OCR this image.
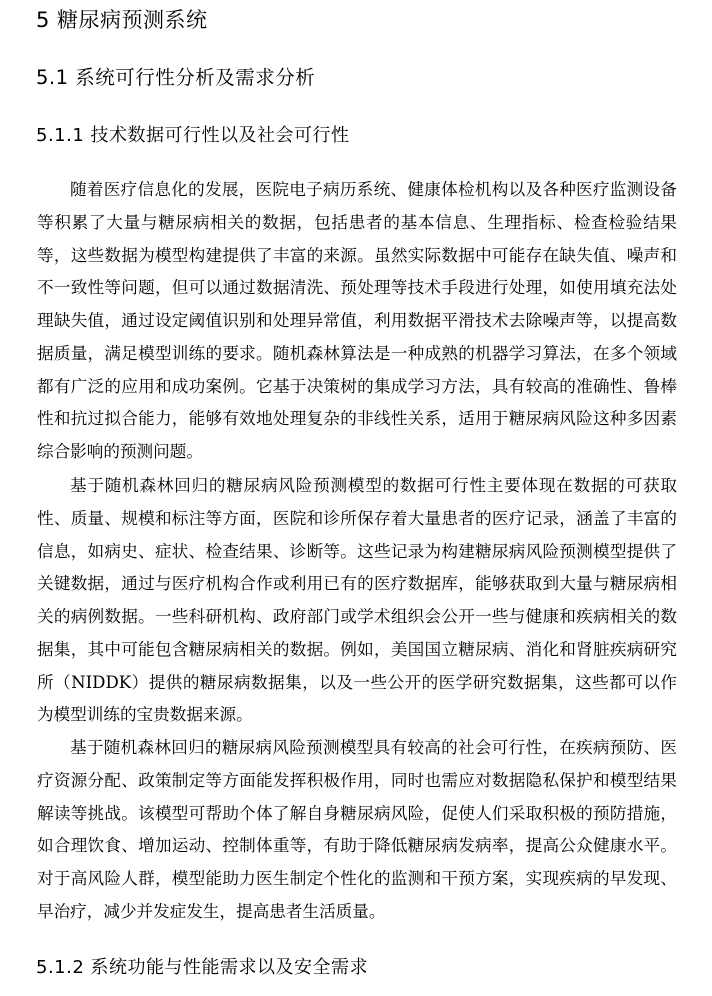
5 糖尿病预测系统
5.1 系统可行性分析及需求分析
5.1.1 技术数据可行性以及社会可行性

随着医疗信息化的发展，医院电子病历系统、健康体检机构以及各种医疗监测设备等积累了大量与糖尿病相关的数据，包括患者的基本信息、生理指标、检查检验结果等，这些数据为模型构建提供了丰富的来源。虽然实际数据中可能存在缺失值、噪声和不一致性等问题，但可以通过数据清洗、预处理等技术手段进行处理，如使用填充法处理缺失值，通过设定阈值识别和处理异常值，利用数据平滑技术去除噪声等，以提高数据质量，满足模型训练的要求。随机森林算法是一种成熟的机器学习算法，在多个领域都有广泛的应用和成功案例。它基于决策树的集成学习方法，具有较高的准确性、鲁棒性和抗过拟合能力，能够有效地处理复杂的非线性关系，适用于糖尿病风险这种多因素综合影响的预测问题。

基于随机森林回归的糖尿病风险预测模型的数据可行性主要体现在数据的可获取性、质量、规模和标注等方面，医院和诊所保存着大量患者的医疗记录，涵盖了丰富的信息，如病史、症状、检查结果、诊断等。这些记录为构建糖尿病风险预测模型提供了关键数据，通过与医疗机构合作或利用已有的医疗数据库，能够获取到大量与糖尿病相关的病例数据。一些科研机构、政府部门或学术组织会公开一些与健康和疾病相关的数据集，其中可能包含糖尿病相关的数据。例如，美国国立糖尿病、消化和肾脏疾病研究所（NIDDK）提供的糖尿病数据集，以及一些公开的医学研究数据集，这些都可以作为模型训练的宝贵数据来源。

基于随机森林回归的糖尿病风险预测模型具有较高的社会可行性，在疾病预防、医疗资源分配、政策制定等方面能发挥积极作用，同时也需应对数据隐私保护和模型结果解读等挑战。该模型可帮助个体了解自身糖尿病风险，促使人们采取积极的预防措施，如合理饮食、增加运动、控制体重等，有助于降低糖尿病发病率，提高公众健康水平。对于高风险人群，模型能助力医生制定个性化的监测和干预方案，实现疾病的早发现、早治疗，减少并发症发生，提高患者生活质量。

5.1.2 系统功能与性能需求以及安全需求
